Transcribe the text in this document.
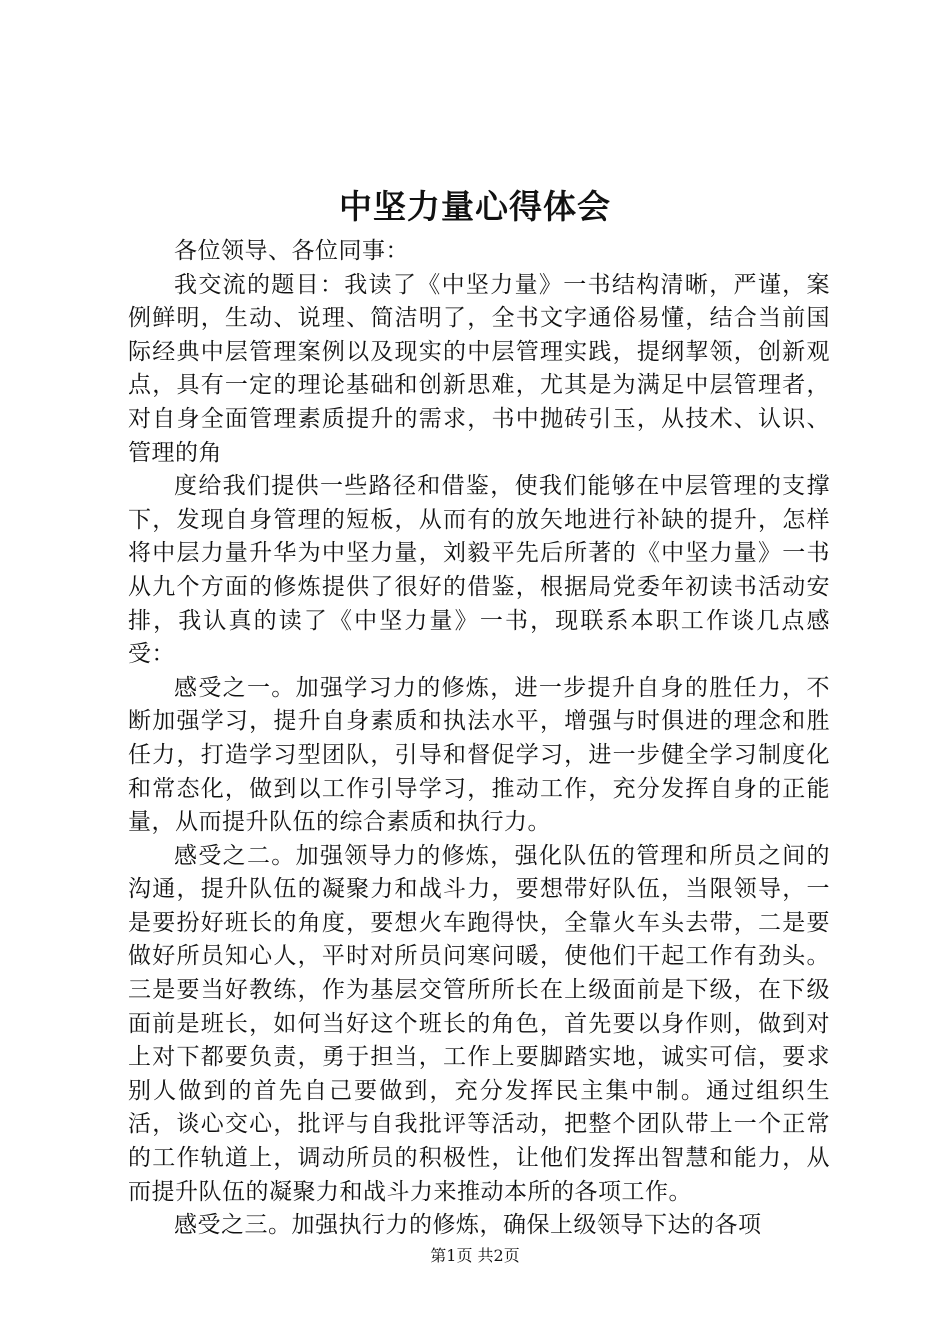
中坚力量心得体会

各位领导、各位同事：

我交流的题目：我读了《中坚力量》一书结构清晰，严谨，案例鲜明，生动、说理、简洁明了，全书文字通俗易懂，结合当前国际经典中层管理案例以及现实的中层管理实践，提纲挈领，创新观点，具有一定的理论基础和创新思难，尤其是为满足中层管理者，对自身全面管理素质提升的需求，书中抛砖引玉，从技术、认识、管理的角

度给我们提供一些路径和借鉴，使我们能够在中层管理的支撑下，发现自身管理的短板，从而有的放矢地进行补缺的提升，怎样将中层力量升华为中坚力量，刘毅平先后所著的《中坚力量》一书从九个方面的修炼提供了很好的借鉴，根据局党委年初读书活动安排，我认真的读了《中坚力量》一书，现联系本职工作谈几点感受：

感受之一。加强学习力的修炼，进一步提升自身的胜任力，不断加强学习，提升自身素质和执法水平，增强与时俱进的理念和胜任力，打造学习型团队，引导和督促学习，进一步健全学习制度化和常态化，做到以工作引导学习，推动工作，充分发挥自身的正能量，从而提升队伍的综合素质和执行力。

感受之二。加强领导力的修炼，强化队伍的管理和所员之间的沟通，提升队伍的凝聚力和战斗力，要想带好队伍，当限领导，一是要扮好班长的角度，要想火车跑得快，全靠火车头去带，二是要做好所员知心人，平时对所员问寒问暖，使他们干起工作有劲头。三是要当好教练，作为基层交管所所长在上级面前是下级，在下级面前是班长，如何当好这个班长的角色，首先要以身作则，做到对上对下都要负责，勇于担当，工作上要脚踏实地，诚实可信，要求别人做到的首先自己要做到，充分发挥民主集中制。通过组织生活，谈心交心，批评与自我批评等活动，把整个团队带上一个正常的工作轨道上，调动所员的积极性，让他们发挥出智慧和能力，从而提升队伍的凝聚力和战斗力来推动本所的各项工作。

感受之三。加强执行力的修炼，确保上级领导下达的各项

第1页 共2页
